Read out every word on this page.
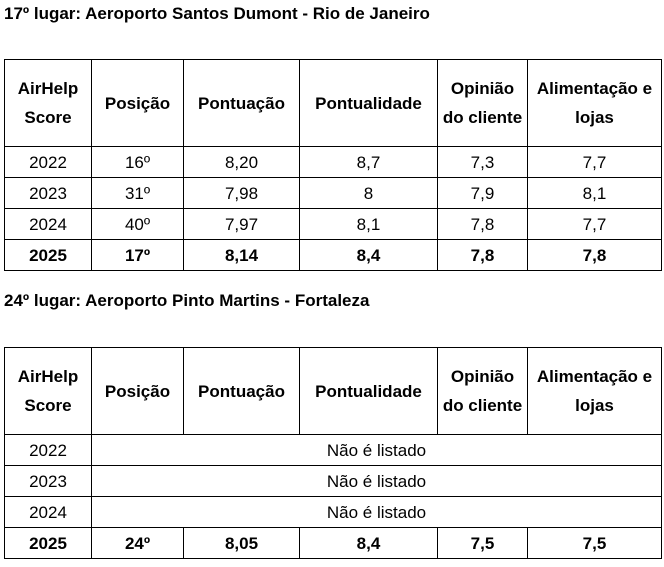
17º lugar: Aeroporto Santos Dumont - Rio de Janeiro
AirHelp Score	Posição	Pontuação	Pontualidade	Opinião do cliente	Alimentação e lojas
2022	16º	8,20	8,7	7,3	7,7
2023	31º	7,98	8	7,9	8,1
2024	40º	7,97	8,1	7,8	7,7
2025	17º	8,14	8,4	7,8	7,8
24º lugar: Aeroporto Pinto Martins - Fortaleza
AirHelp Score	Posição	Pontuação	Pontualidade	Opinião do cliente	Alimentação e lojas
2022	Não é listado				
2023	Não é listado				
2024	Não é listado				
2025	24º	8,05	8,4	7,5	7,5
